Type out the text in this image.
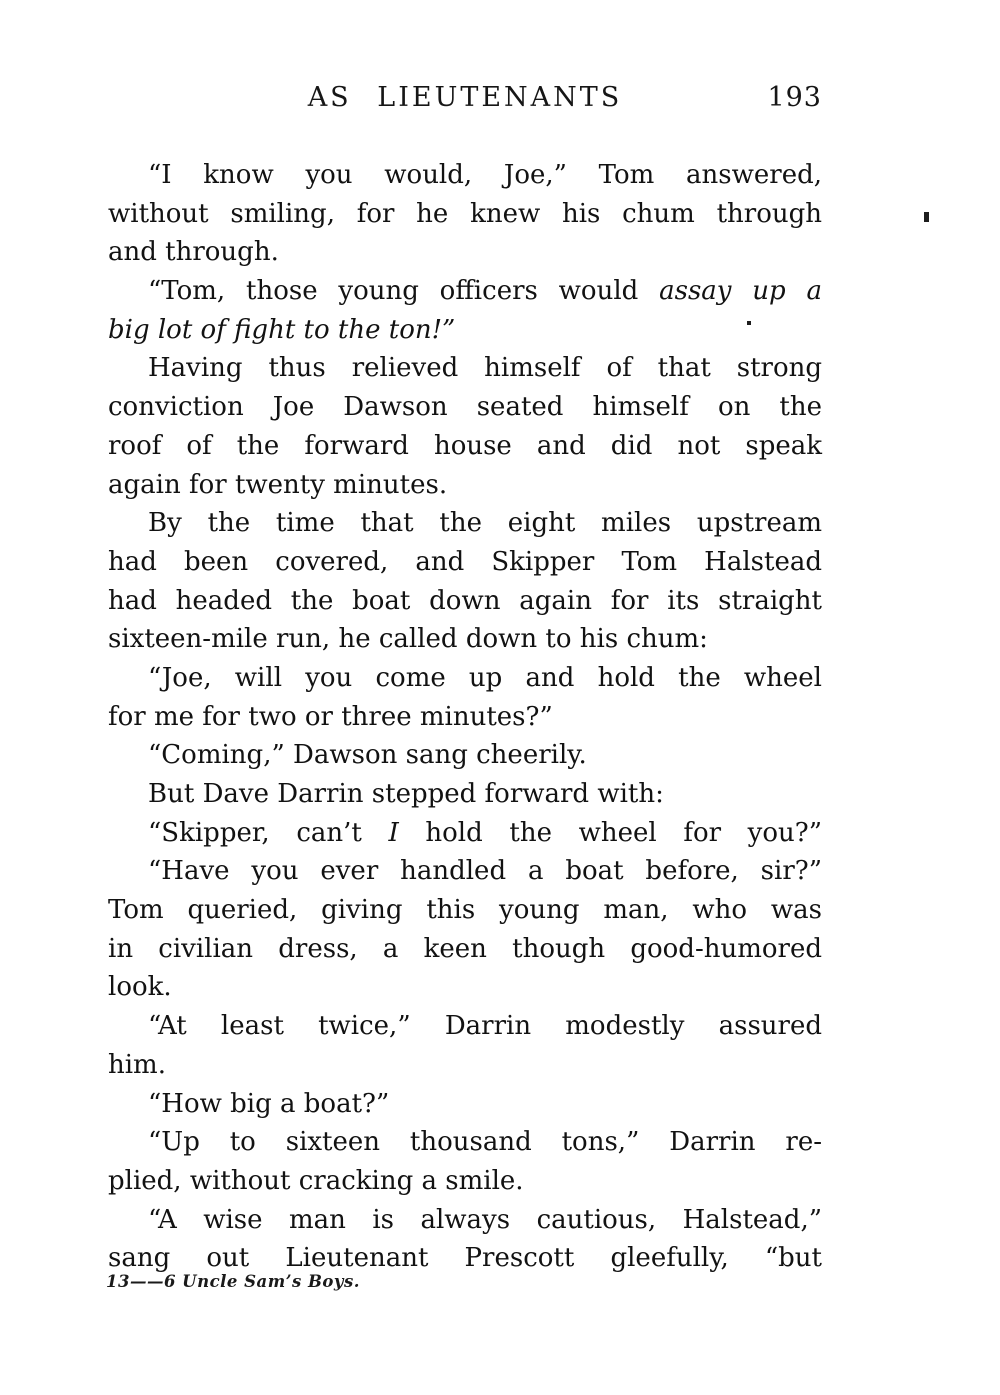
AS LIEUTENANTS	193
“I know you would, Joe,” Tom answered,
without smiling, for he knew his chum through
and through.
“Tom, those young officers would assay up a
big lot of fight to the ton!”
Having thus relieved himself of that strong
conviction Joe Dawson seated himself on the
roof of the forward house and did not speak
again for twenty minutes.
By the time that the eight miles upstream
had been covered, and Skipper Tom Halstead
had headed the boat down again for its straight
sixteen-mile run, he called down to his chum:
“Joe, will you come up and hold the wheel
for me for two or three minutes?”
“Coming,” Dawson sang cheerily.
But Dave Darrin stepped forward with:
“Skipper, can’t I hold the wheel for you?”
“Have you ever handled a boat before, sir?”
Tom queried, giving this young man, who was
in civilian dress, a keen though good-humored
look.
“At least twice,” Darrin modestly assured
him.
“How big a boat?”
“Up to sixteen thousand tons,” Darrin re-
plied, without cracking a smile.
“A wise man is always cautious, Halstead,”
sang out Lieutenant Prescott gleefully, “but
13——6 Uncle Sam’s Boys.
